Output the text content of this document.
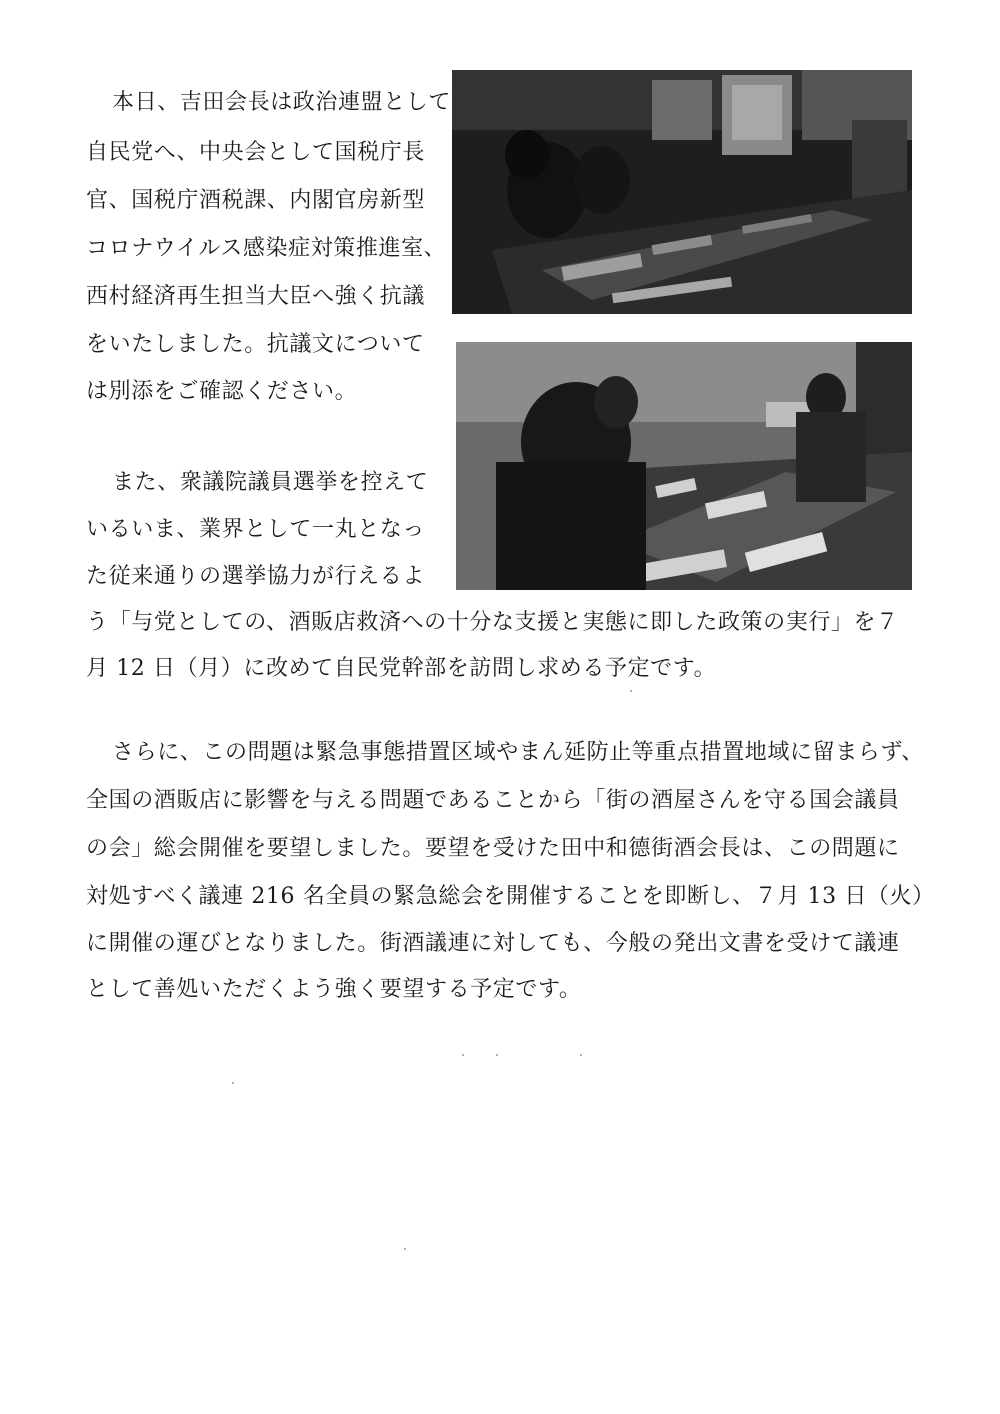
本日、吉田会長は政治連盟として
自民党へ、中央会として国税庁長
官、国税庁酒税課、内閣官房新型
コロナウイルス感染症対策推進室、
西村経済再生担当大臣へ強く抗議
をいたしました。抗議文について
は別添をご確認ください。
また、衆議院議員選挙を控えて
いるいま、業界として一丸となっ
た従来通りの選挙協力が行えるよ
う「与党としての、酒販店救済への十分な支援と実態に即した政策の実行」を７
月 12 日（月）に改めて自民党幹部を訪問し求める予定です。
さらに、この問題は緊急事態措置区域やまん延防止等重点措置地域に留まらず、
全国の酒販店に影響を与える問題であることから「街の酒屋さんを守る国会議員
の会」総会開催を要望しました。要望を受けた田中和德街酒会長は、この問題に
対処すべく議連 216 名全員の緊急総会を開催することを即断し、７月 13 日（火）
に開催の運びとなりました。街酒議連に対しても、今般の発出文書を受けて議連
として善処いただくよう強く要望する予定です。
